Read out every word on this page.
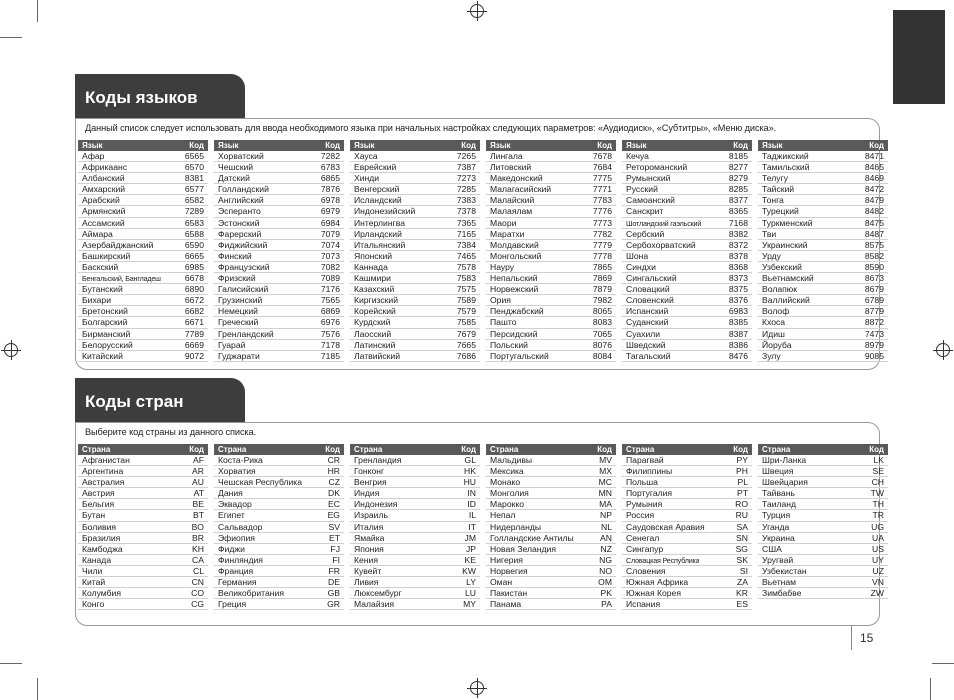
Коды языков
Данный список следует использовать для ввода необходимого языка при начальных настройках следующих параметров: «Аудиодиск», «Субтитры», «Меню диска».
Язык	Код
Афар	6565
Африкаанс	6570
Албанский	8381
Амхарский	6577
Арабский	6582
Армянский	7289
Ассамский	6583
Аймара	6588
Азербайджанский	6590
Башкирский	6665
Баскский	6985
Бенгальский, Бангладеш	6678
Бутанский	6890
Бихари	6672
Бретонский	6682
Болгарский	6671
Бирманский	7789
Белорусский	6669
Китайский	9072
Язык	Код
Хорватский	7282
Чешский	6783
Датский	6865
Голландский	7876
Английский	6978
Эсперанто	6979
Эстонский	6984
Фарерский	7079
Фиджийский	7074
Финский	7073
Французский	7082
Фризский	7089
Галисийский	7176
Грузинский	7565
Немецкий	6869
Греческий	6976
Гренландский	7576
Гуарай	7178
Гуджарати	7185
Язык	Код
Хауса	7265
Еврейский	7387
Хинди	7273
Венгерский	7285
Исландский	7383
Индонезийский	7378
Интерлингва	7365
Ирландский	7165
Итальянский	7384
Японский	7465
Каннада	7578
Кашмири	7583
Казахский	7575
Киргизский	7589
Корейский	7579
Курдский	7585
Лаосский	7679
Латинский	7665
Латвийский	7686
Язык	Код
Лингала	7678
Литовский	7684
Македонский	7775
Малагасийский	7771
Малайский	7783
Малаялам	7776
Маори	7773
Маратхи	7782
Молдавский	7779
Монгольский	7778
Науру	7865
Непальский	7869
Норвежский	7879
Ория	7982
Пенджабский	8065
Пашто	8083
Персидский	7065
Польский	8076
Португальский	8084
Язык	Код
Кечуа	8185
Ретороманский	8277
Румынский	8279
Русский	8285
Самоанский	8377
Санскрит	8365
Шотландский гаэльский	7168
Сербский	8382
Сербохорватский	8372
Шона	8378
Синдхи	8368
Сингальский	8373
Словацкий	8375
Словенский	8376
Испанский	6983
Суданский	8385
Суахили	8387
Шведский	8386
Тагальский	8476
Язык	Код
Таджикский	8471
Тамильский	8465
Телугу	8469
Тайский	8472
Тонга	8479
Турецкий	8482
Туркменский	8475
Тви	8487
Украинский	8575
Урду	8582
Узбекский	8590
Вьетнамский	8673
Волапюк	8679
Валлийский	6789
Волоф	8779
Кхоса	8872
Идиш	7473
Йоруба	8979
Зулу	9085
Коды стран
Выберите код страны из данного списка.
Страна	Код
Афганистан	AF
Аргентина	AR
Австралия	AU
Австрия	AT
Бельгия	BE
Бутан	BT
Боливия	BO
Бразилия	BR
Камбоджа	KH
Канада	CA
Чили	CL
Китай	CN
Колумбия	CO
Конго	CG
Страна	Код
Коста-Рика	CR
Хорватия	HR
Чешская Республика	CZ
Дания	DK
Эквадор	EC
Египет	EG
Сальвадор	SV
Эфиопия	ET
Фиджи	FJ
Финляндия	FI
Франция	FR
Германия	DE
Великобритания	GB
Греция	GR
Страна	Код
Гренландия	GL
Гонконг	HK
Венгрия	HU
Индия	IN
Индонезия	ID
Израиль	IL
Италия	IT
Ямайка	JM
Япония	JP
Кения	KE
Кувейт	KW
Ливия	LY
Люксембург	LU
Малайзия	MY
Страна	Код
Мальдивы	MV
Мексика	MX
Монако	MC
Монголия	MN
Марокко	MA
Непал	NP
Нидерланды	NL
Голландские Антилы	AN
Новая Зеландия	NZ
Нигерия	NG
Норвегия	NO
Оман	OM
Пакистан	PK
Панама	PA
Страна	Код
Парагвай	PY
Филиппины	PH
Польша	PL
Португалия	PT
Румыния	RO
Россия	RU
Саудовская Аравия	SA
Сенегал	SN
Сингапур	SG
Словацкая Республика	SK
Словения	SI
Южная Африка	ZA
Южная Корея	KR
Испания	ES
Страна	Код
Шри-Ланка	LK
Швеция	SE
Швейцария	CH
Тайвань	TW
Таиланд	TH
Турция	TR
Уганда	UG
Украина	UA
США	US
Уругвай	UY
Узбекистан	UZ
Вьетнам	VN
Зимбабве	ZW
15
